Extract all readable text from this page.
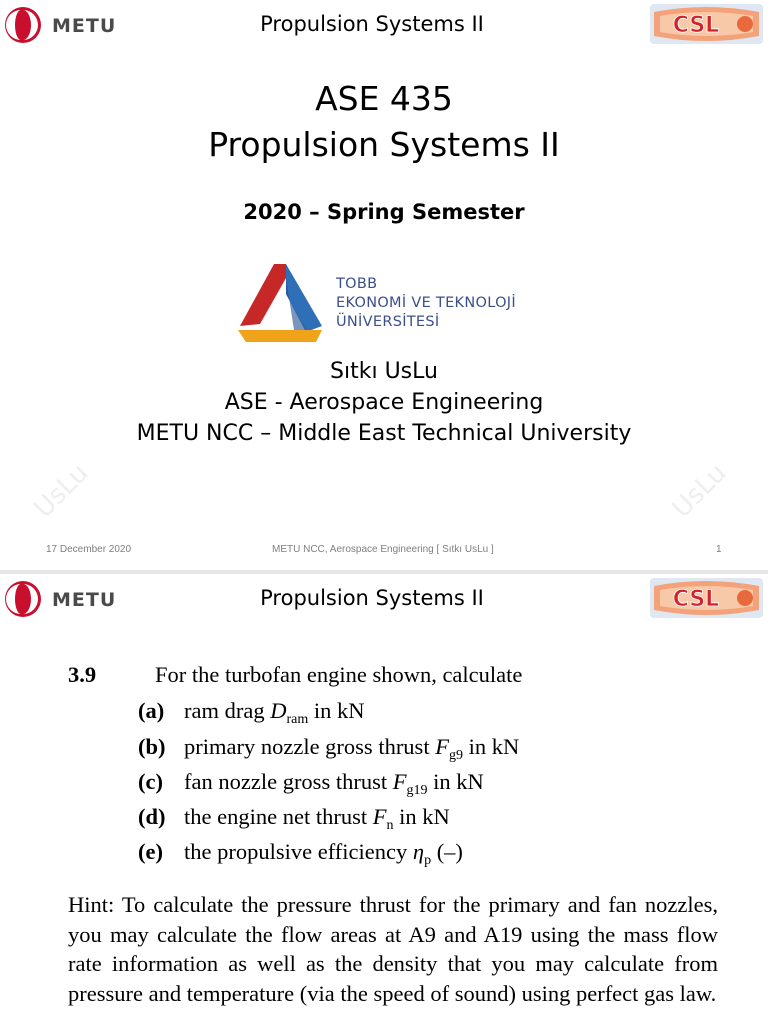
METU	Propulsion Systems II	CSL
ASE 435
Propulsion Systems II
2020 – Spring Semester
TOBB
EKONOMİ VE TEKNOLOJİ
ÜNİVERSİTESİ
Sıtkı UsLu
ASE - Aerospace Engineering
METU NCC – Middle East Technical University
UsLu	UsLu
17 December 2020	METU NCC, Aerospace Engineering [ Sıtkı UsLu ]	1
METU	Propulsion Systems II	CSL
3.9	For the turbofan engine shown, calculate
(a) ram drag $D_{ram}$ in kN
(b) primary nozzle gross thrust $F_{g9}$ in kN
(c) fan nozzle gross thrust $F_{g19}$ in kN
(d) the engine net thrust $F_n$ in kN
(e) the propulsive efficiency $\eta_p$ (–)

Hint: To calculate the pressure thrust for the primary and fan nozzles, you may calculate the flow areas at A9 and A19 using the mass flow rate information as well as the density that you may calculate from pressure and temperature (via the speed of sound) using perfect gas law.
